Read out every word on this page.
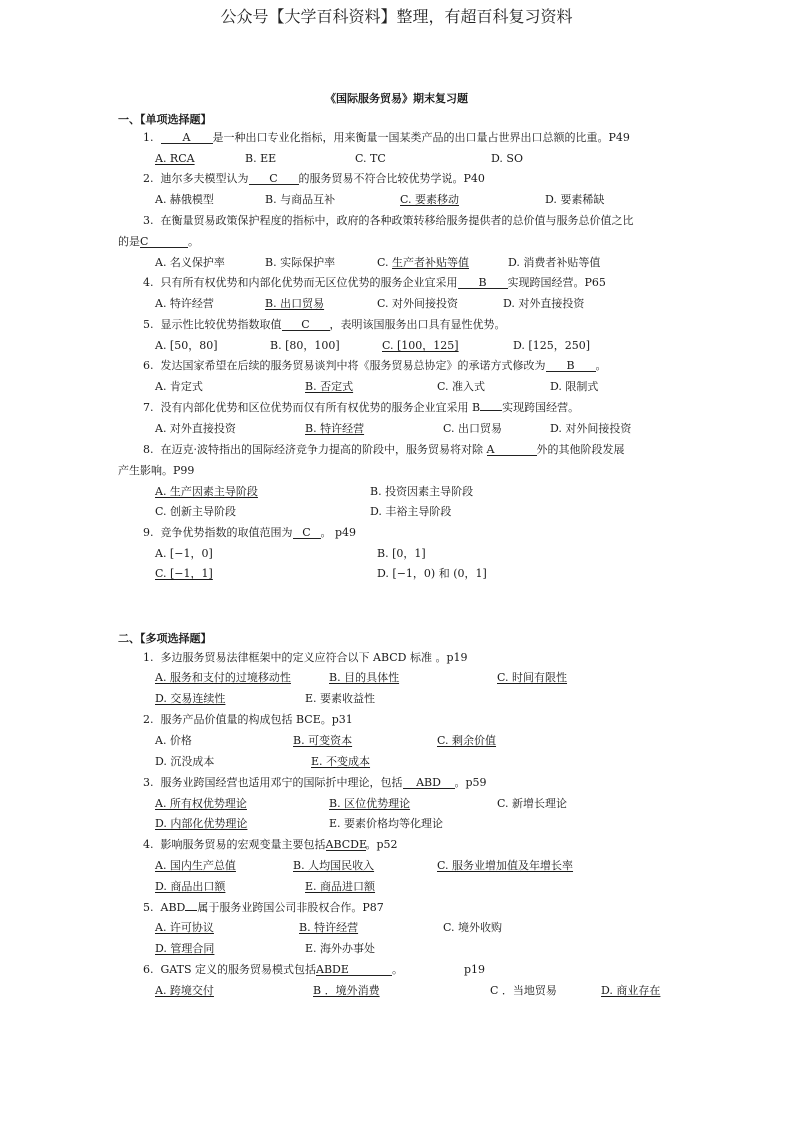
公众号【大学百科资料】整理，有超百科复习资料
《国际服务贸易》期末复习题
一、【单项选择题】
1.	A 是一种出口专业化指标，用来衡量一国某类产品的出口量占世界出口总额的比重。P49
A. RCA	B. EE	C. TC	D. SO
2. 迪尔多夫模型认为 C 的服务贸易不符合比较优势学说。P40
A. 赫俄模型	B. 与商品互补	C. 要素移动	D. 要素稀缺
3. 在衡量贸易政策保护程度的指标中，政府的各种政策转移给服务提供者的总价值与服务总价值之比
的是C	。
A. 名义保护率	B. 实际保护率	C. 生产者补贴等值	D. 消费者补贴等值
4. 只有所有权优势和内部化优势而无区位优势的服务企业宜采用 B 实现跨国经营。P65
A. 特许经营	B. 出口贸易	C. 对外间接投资	D. 对外直接投资
5. 显示性比较优势指数取值 C ，表明该国服务出口具有显性优势。
A. [50，80]	B. [80，100]	C. [100，125]	D. [125，250]
6. 发达国家希望在后续的服务贸易谈判中将《服务贸易总协定》的承诺方式修改为 B 。
A. 肯定式	B. 否定式	C. 准入式	D. 限制式
7. 没有内部化优势和区位优势而仅有所有权优势的服务企业宜采用 B 实现跨国经营。
A. 对外直接投资	B. 特许经营	C. 出口贸易	D. 对外间接投资
8. 在迈克·波特指出的国际经济竞争力提高的阶段中，服务贸易将对除 A	外的其他阶段发展
产生影响。P99
A. 生产因素主导阶段	B. 投资因素主导阶段
C. 创新主导阶段	D. 丰裕主导阶段
9. 竞争优势指数的取值范围为 C 。 p49
A. [−1，0]	B. [0，1]
C. [−1，1]	D. [−1，0) 和 (0，1]
二、【多项选择题】
1. 多边服务贸易法律框架中的定义应符合以下 ABCD 标准 。p19
A. 服务和支付的过境移动性	B. 目的具体性	C. 时间有限性
D. 交易连续性	E. 要素收益性
2. 服务产品价值量的构成包括 BCE。p31
A. 价格	B. 可变资本	C. 剩余价值
D. 沉没成本	E. 不变成本
3. 服务业跨国经营也适用邓宁的国际折中理论，包括 ABD 。p59
A. 所有权优势理论	B. 区位优势理论	C. 新增长理论
D. 内部化优势理论	E. 要素价格均等化理论
4. 影响服务贸易的宏观变量主要包括ABCDE。p52
A. 国内生产总值	B. 人均国民收入	C. 服务业增加值及年增长率
D. 商品出口额	E. 商品进口额
5. ABD 属于服务业跨国公司非股权合作。P87
A. 许可协议	B. 特许经营	C. 境外收购
D. 管理合同	E. 海外办事处
6. GATS 定义的服务贸易模式包括ABDE	。	p19
A. 跨境交付	B ．境外消费	C ．当地贸易	D. 商业存在
